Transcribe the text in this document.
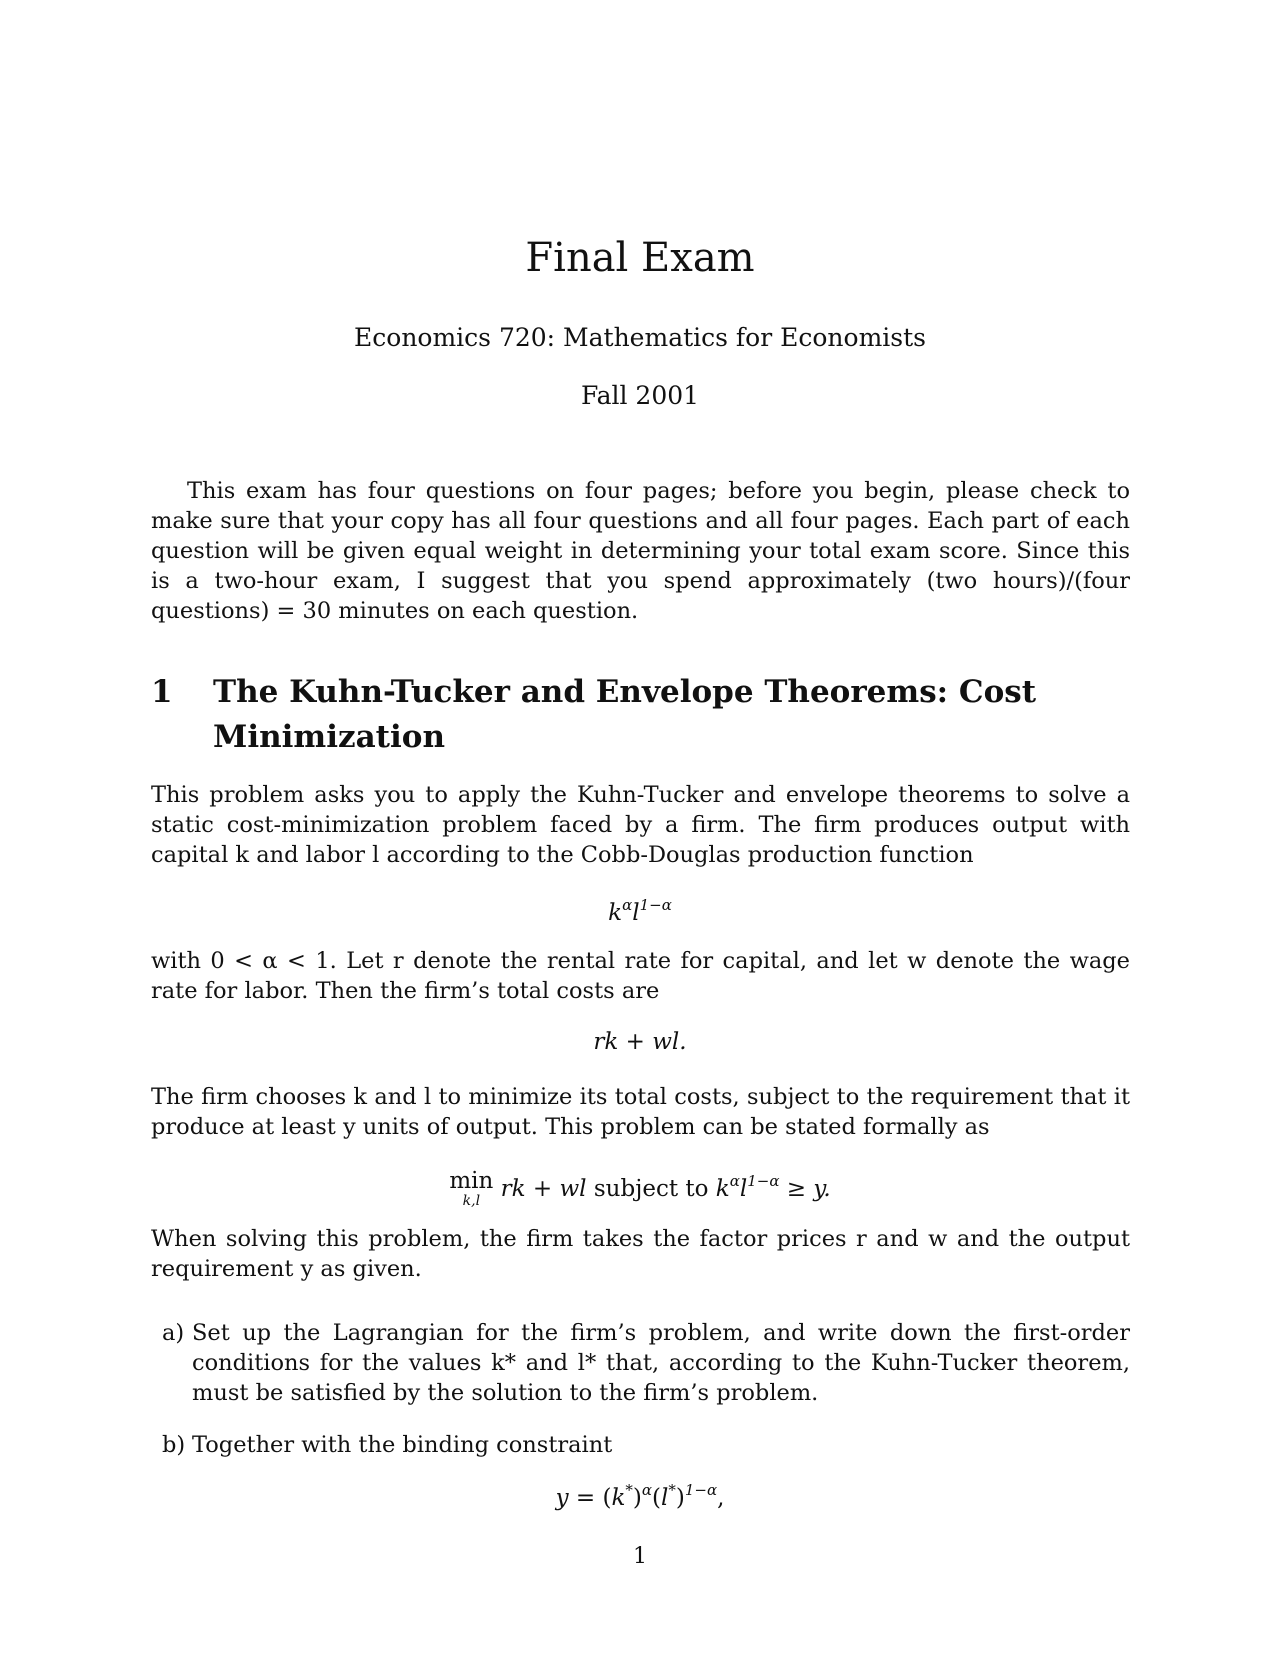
Final Exam
Economics 720: Mathematics for Economists
Fall 2001
This exam has four questions on four pages; before you begin, please check to make sure that your copy has all four questions and all four pages. Each part of each question will be given equal weight in determining your total exam score. Since this is a two-hour exam, I suggest that you spend approximately (two hours)/(four questions) = 30 minutes on each question.
1	The Kuhn-Tucker and Envelope Theorems: Cost Minimization
This problem asks you to apply the Kuhn-Tucker and envelope theorems to solve a static cost-minimization problem faced by a firm. The firm produces output with capital k and labor l according to the Cobb-Douglas production function
$k^\alpha l^{1-\alpha}$
with 0 < α < 1. Let r denote the rental rate for capital, and let w denote the wage rate for labor. Then the firm’s total costs are
rk + wl.
The firm chooses k and l to minimize its total costs, subject to the requirement that it produce at least y units of output. This problem can be stated formally as
min
k,l rk + wl subject to $k^\alpha l^{1-\alpha} \ge y$.
When solving this problem, the firm takes the factor prices r and w and the output requirement y as given.
a) Set up the Lagrangian for the firm’s problem, and write down the first-order conditions for the values k* and l* that, according to the Kuhn-Tucker theorem, must be satisfied by the solution to the firm’s problem.
b) Together with the binding constraint
$y = (k^*)^\alpha(l^*)^{1-\alpha}$,
1
